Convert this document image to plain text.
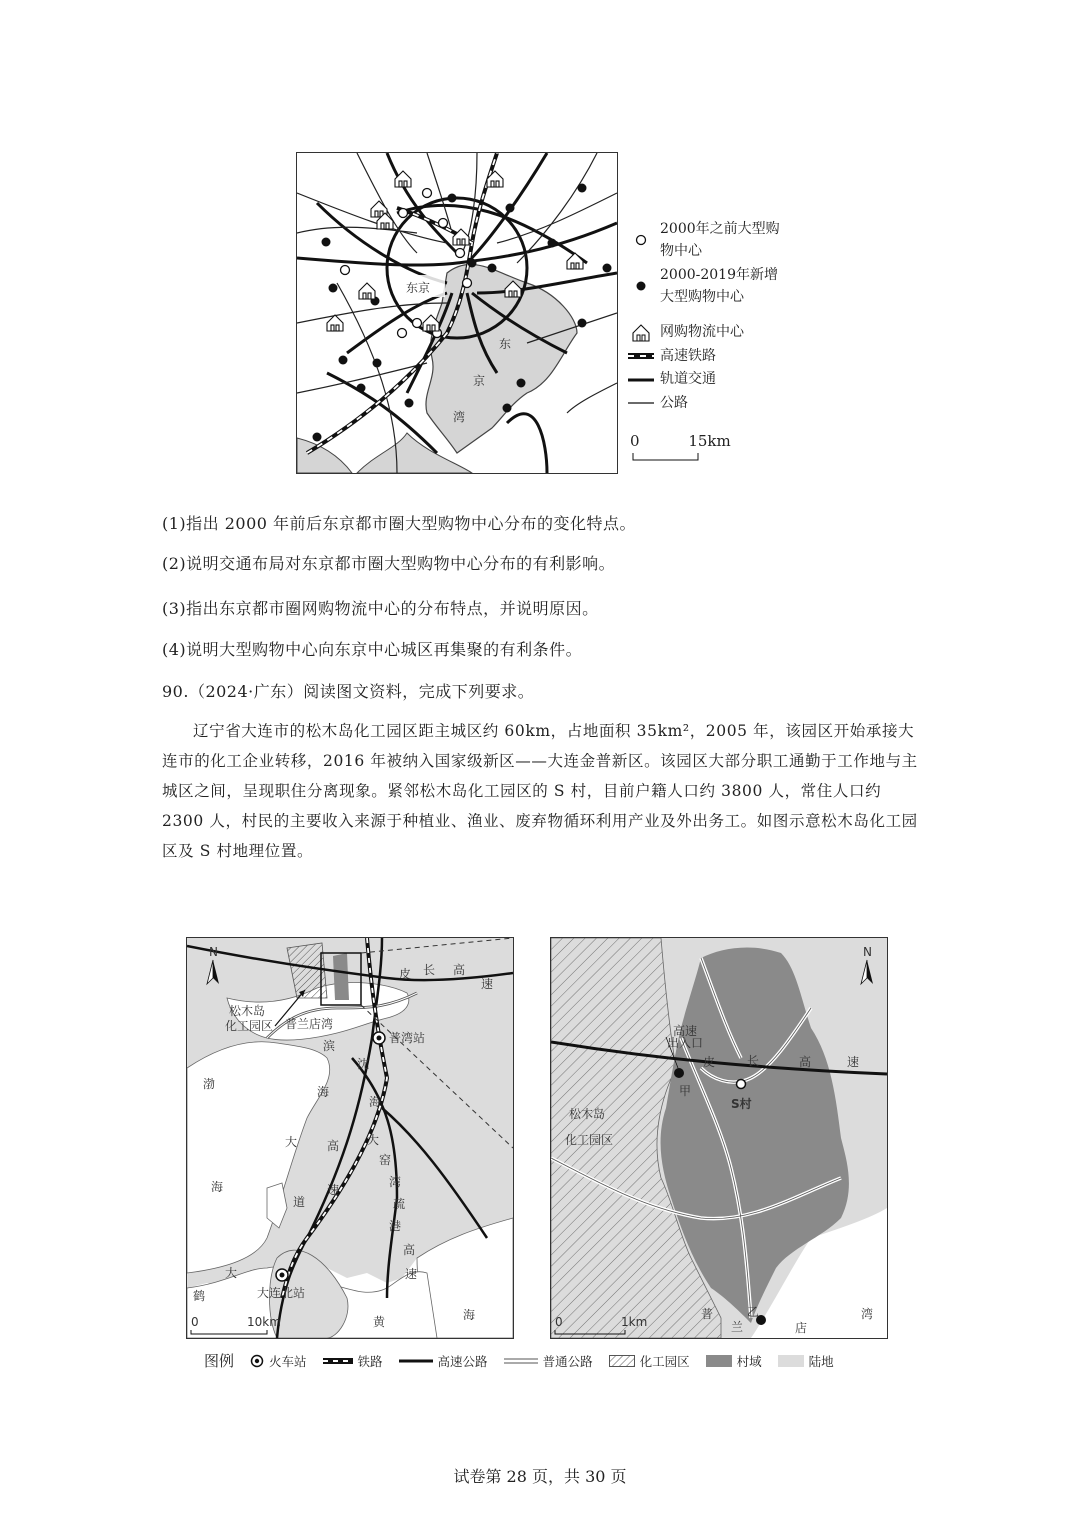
东京
东
京
湾
2000年之前大型购物中心
2000-2019年新增大型购物中心
网购物流中心
高速铁路
轨道交通
公路
0	15km
(1)指出 2000 年前后东京都市圈大型购物中心分布的变化特点。
(2)说明交通布局对东京都市圈大型购物中心分布的有利影响。
(3)指出东京都市圈网购物流中心的分布特点，并说明原因。
(4)说明大型购物中心向东京中心城区再集聚的有利条件。
90.（2024·广东）阅读图文资料，完成下列要求。
辽宁省大连市的松木岛化工园区距主城区约 60km，占地面积 35km²，2005 年，该园区开始承接大连市的化工企业转移，2016 年被纳入国家级新区——大连金普新区。该园区大部分职工通勤于工作地与主城区之间，呈现职住分离现象。紧邻松木岛化工园区的 S 村，目前户籍人口约 3800 人，常住人口约 2300 人，村民的主要收入来源于种植业、渔业、废弃物循环利用产业及外出务工。如图示意松木岛化工园区及 S 村地理位置。
N
松木岛
化工园区 普兰店湾
普湾站
大连北站
渤
海
黄	海
皮 长 高
速
沈
海
高
速
滨
海
大
道
大
窑
湾
疏
港
高
速
大
鹤
0	10km
N
高速
出入口
松木岛
化工园区
S村
甲
乙
皮	长	高	速
普
兰	店
湾
0	1km
图例	火车站	铁路	高速公路	普通公路	化工园区	村域	陆地
试卷第 28 页，共 30 页
